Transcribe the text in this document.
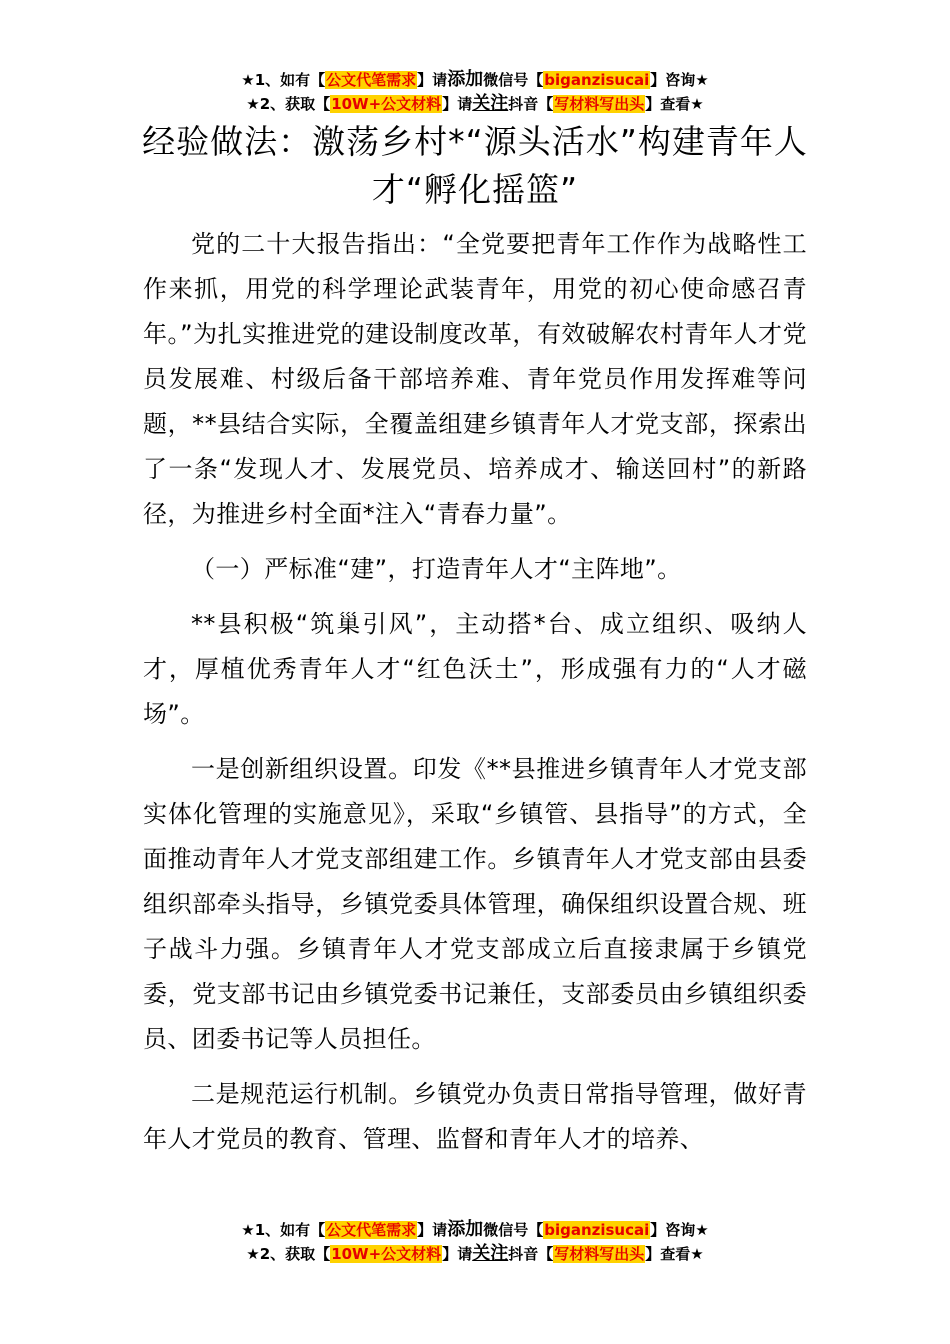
★1、如有【公文代笔需求】请添加微信号【biganzisucai】咨询★
★2、获取【10W+公文材料】请关注抖音【写材料写出头】查看★
经验做法：激荡乡村*“源头活水”构建青年人才“孵化摇篮”

党的二十大报告指出：“全党要把青年工作作为战略性工作来抓，用党的科学理论武装青年，用党的初心使命感召青年。”为扎实推进党的建设制度改革，有效破解农村青年人才党员发展难、村级后备干部培养难、青年党员作用发挥难等问题，**县结合实际，全覆盖组建乡镇青年人才党支部，探索出了一条“发现人才、发展党员、培养成才、输送回村”的新路径，为推进乡村全面*注入“青春力量”。

（一）严标准“建”，打造青年人才“主阵地”。

**县积极“筑巢引风”，主动搭*台、成立组织、吸纳人才，厚植优秀青年人才“红色沃土”，形成强有力的“人才磁场”。

一是创新组织设置。印发《**县推进乡镇青年人才党支部实体化管理的实施意见》，采取“乡镇管、县指导”的方式，全面推动青年人才党支部组建工作。乡镇青年人才党支部由县委组织部牵头指导，乡镇党委具体管理，确保组织设置合规、班子战斗力强。乡镇青年人才党支部成立后直接隶属于乡镇党委，党支部书记由乡镇党委书记兼任，支部委员由乡镇组织委员、团委书记等人员担任。

二是规范运行机制。乡镇党办负责日常指导管理，做好青年人才党员的教育、管理、监督和青年人才的培养、

★1、如有【公文代笔需求】请添加微信号【biganzisucai】咨询★
★2、获取【10W+公文材料】请关注抖音【写材料写出头】查看★
